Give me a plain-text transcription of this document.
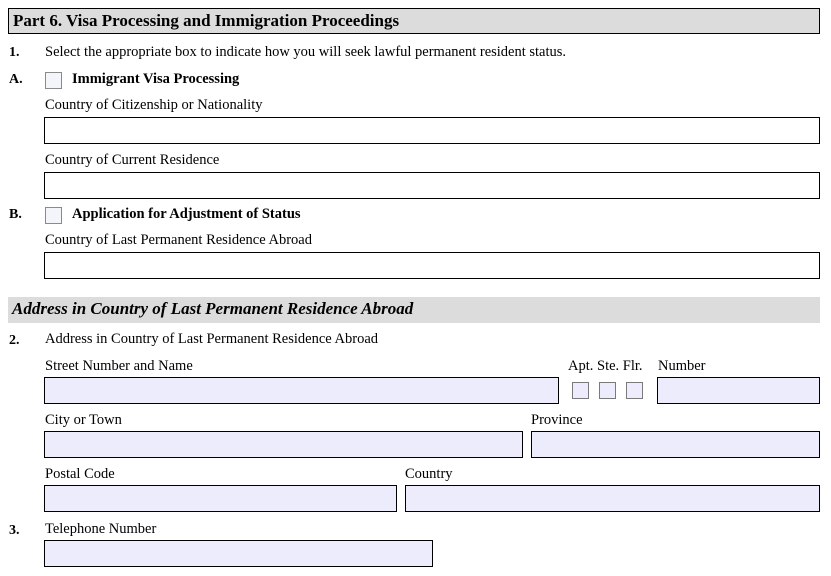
Part 6. Visa Processing and Immigration Proceedings
1. Select the appropriate box to indicate how you will seek lawful permanent resident status.
A.	Immigrant Visa Processing
Country of Citizenship or Nationality
Country of Current Residence
B.	Application for Adjustment of Status
Country of Last Permanent Residence Abroad
Address in Country of Last Permanent Residence Abroad
2. Address in Country of Last Permanent Residence Abroad
Street Number and Name	Apt. Ste. Flr. Number
City or Town	Province
Postal Code	Country
3. Telephone Number
